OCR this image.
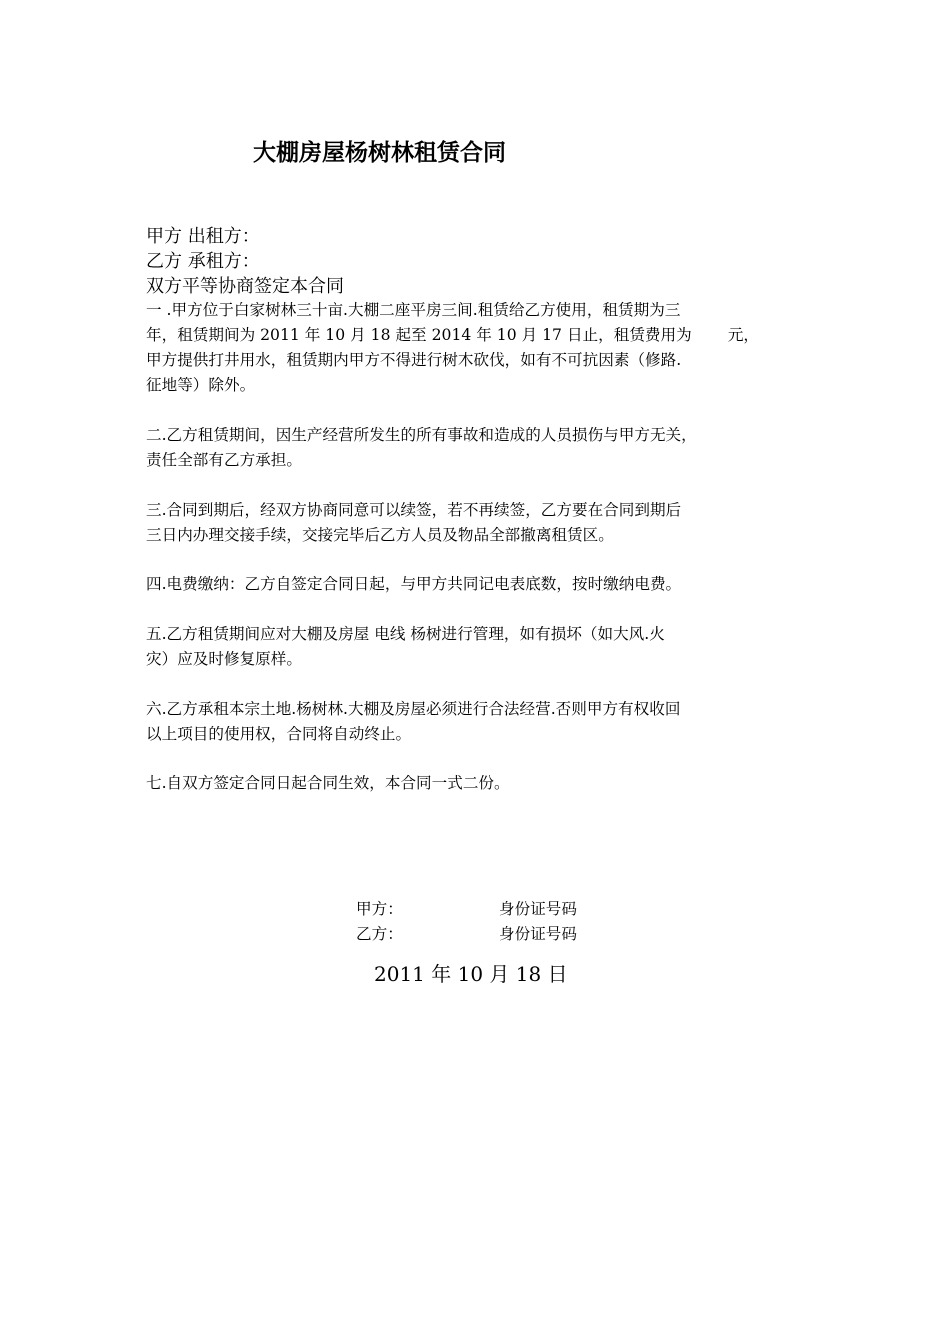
大棚房屋杨树林租赁合同
甲方 出租方：
乙方 承租方：
双方平等协商签定本合同
一 .甲方位于白家树林三十亩.大棚二座平房三间.租赁给乙方使用，租赁期为三
年，租赁期间为 2011 年 10 月 18 起至 2014 年 10 月 17 日止，租赁费用为　　 元，
甲方提供打井用水，租赁期内甲方不得进行树木砍伐，如有不可抗因素（修路.
征地等）除外。
二.乙方租赁期间，因生产经营所发生的所有事故和造成的人员损伤与甲方无关，
责任全部有乙方承担。
三.合同到期后，经双方协商同意可以续签，若不再续签，乙方要在合同到期后
三日内办理交接手续，交接完毕后乙方人员及物品全部撤离租赁区。
四.电费缴纳：乙方自签定合同日起，与甲方共同记电表底数，按时缴纳电费。
五.乙方租赁期间应对大棚及房屋 电线 杨树进行管理，如有损坏（如大风.火
灾）应及时修复原样。
六.乙方承租本宗土地.杨树林.大棚及房屋必须进行合法经营.否则甲方有权收回
以上项目的使用权，合同将自动终止。
七.自双方签定合同日起合同生效，本合同一式二份。
甲方：	身份证号码
乙方：	身份证号码
2011 年 10 月 18 日
